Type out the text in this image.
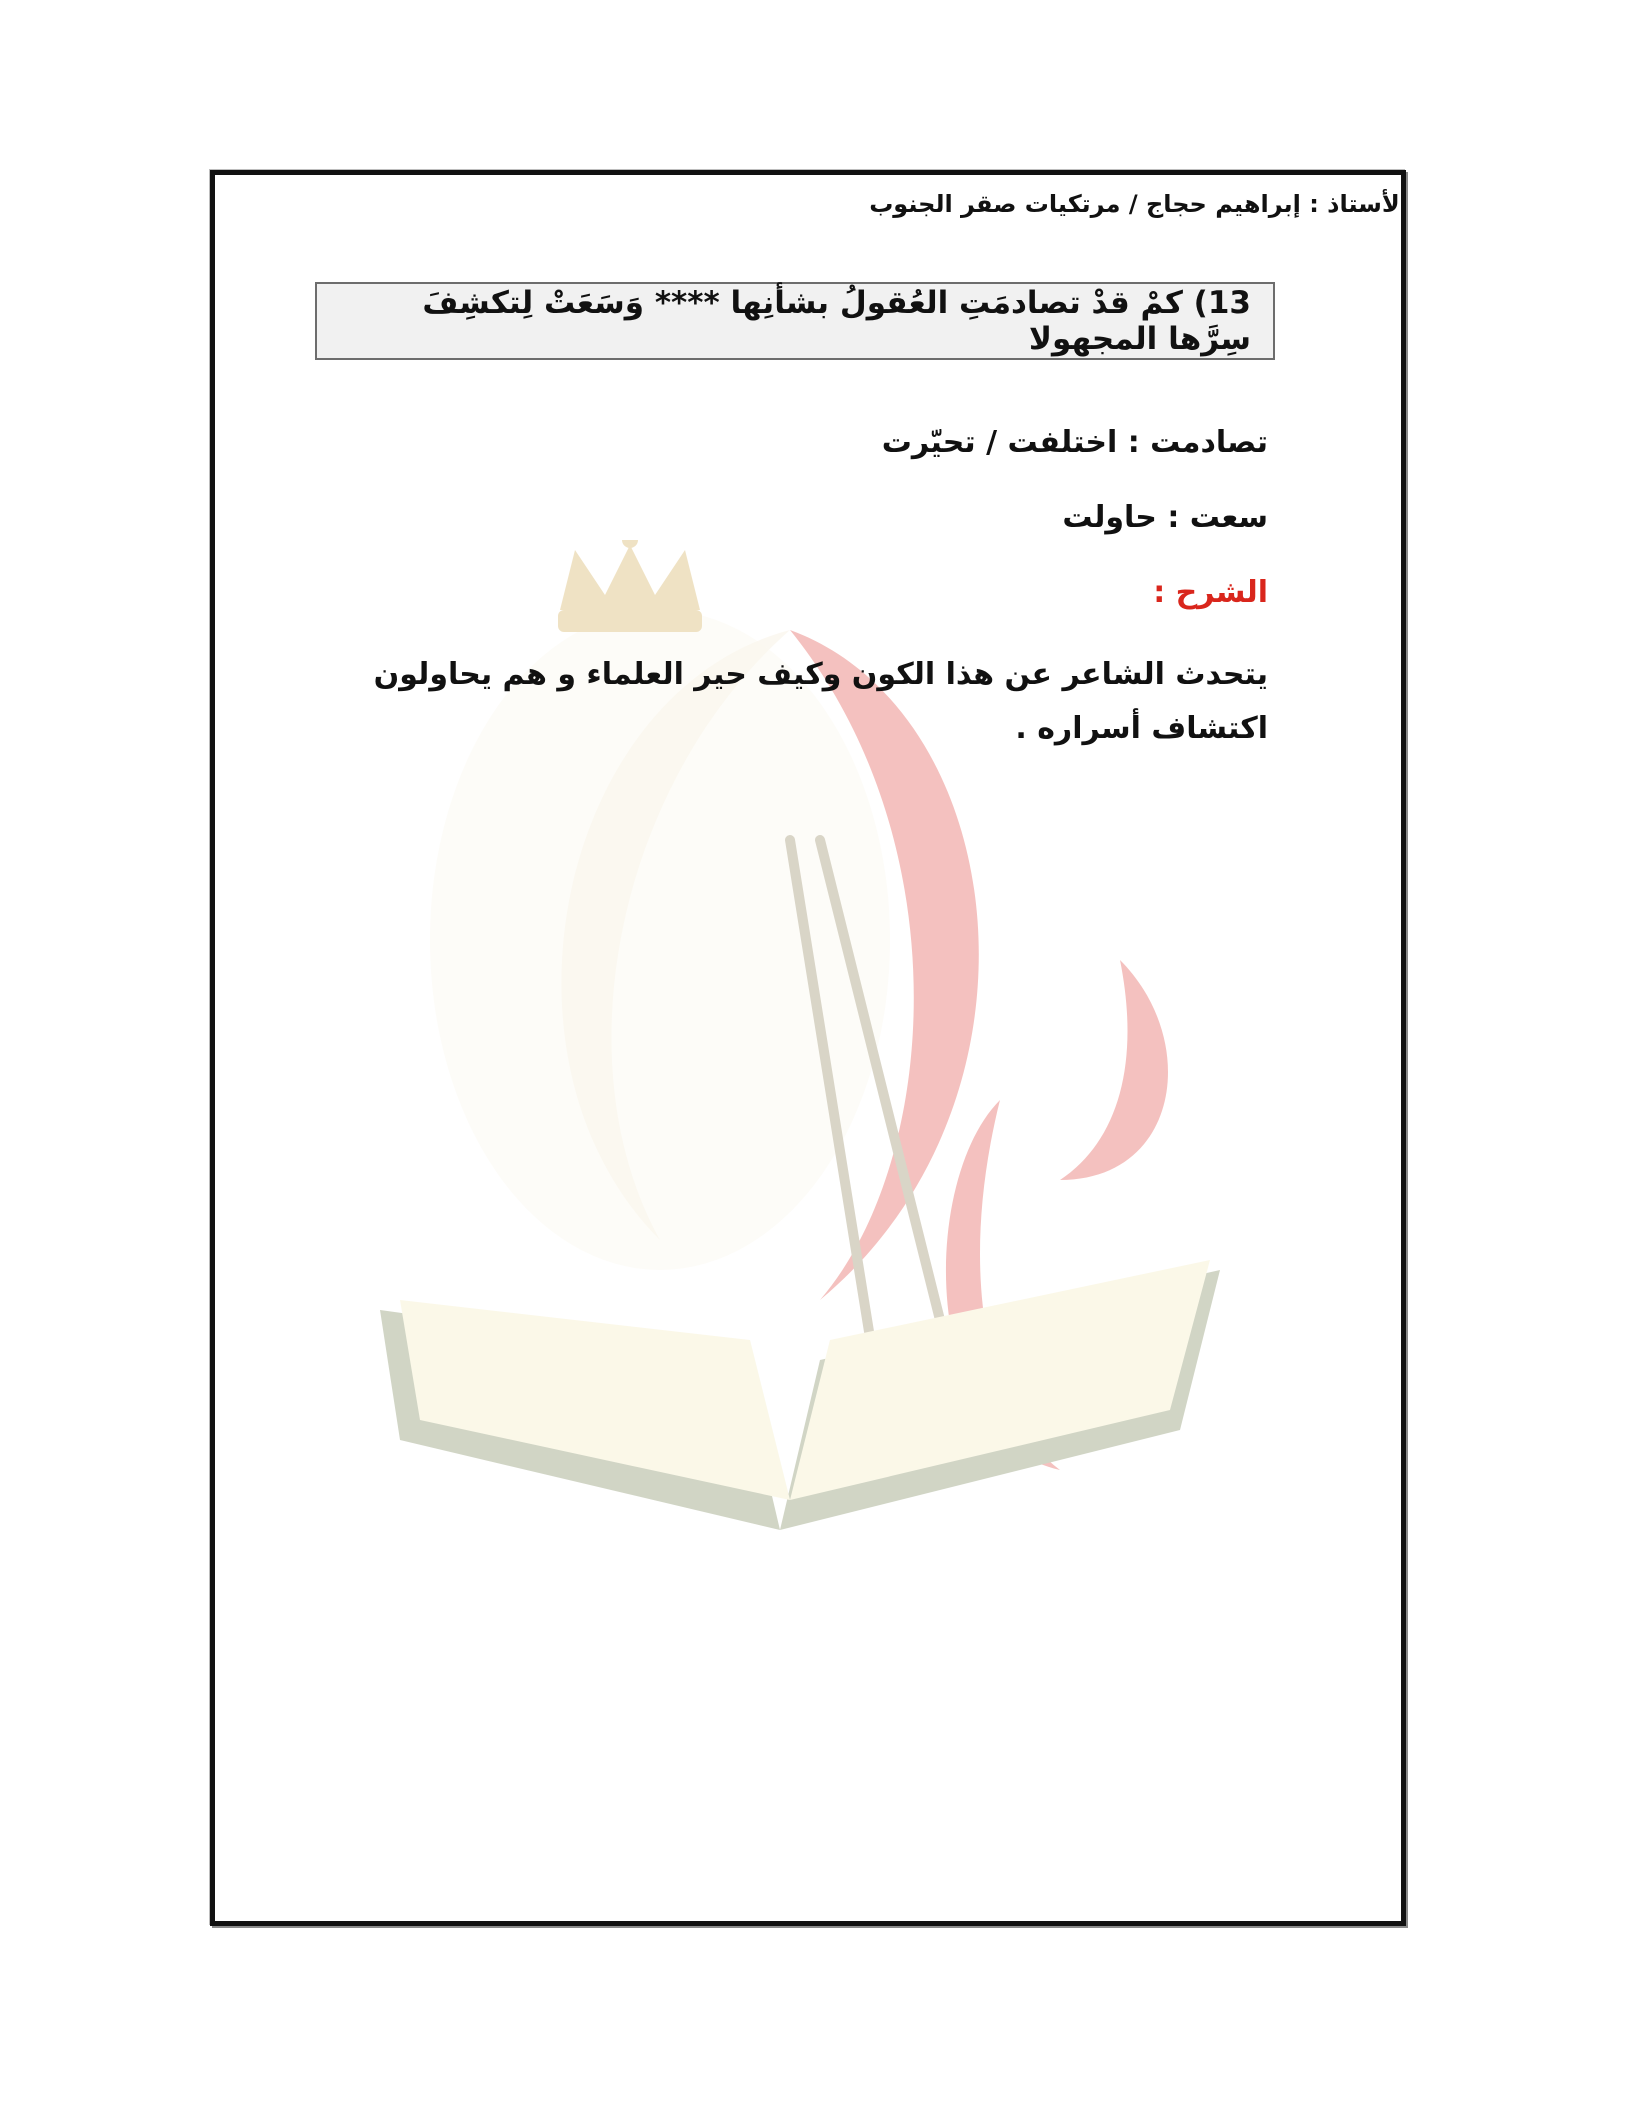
الأستاذ : إبراهيم حجاج / مرتكيات صقر الجنوب
13) كمْ قدْ تصادمَتِ العُقولُ بشأنِها **** وَسَعَتْ لِتكشِفَ سِرَّها المجهولا
تصادمت : اختلفت / تحيّرت
سعت : حاولت
الشرح :
يتحدث الشاعر عن هذا الكون وكيف حير العلماء و هم يحاولون اكتشاف أسراره .
